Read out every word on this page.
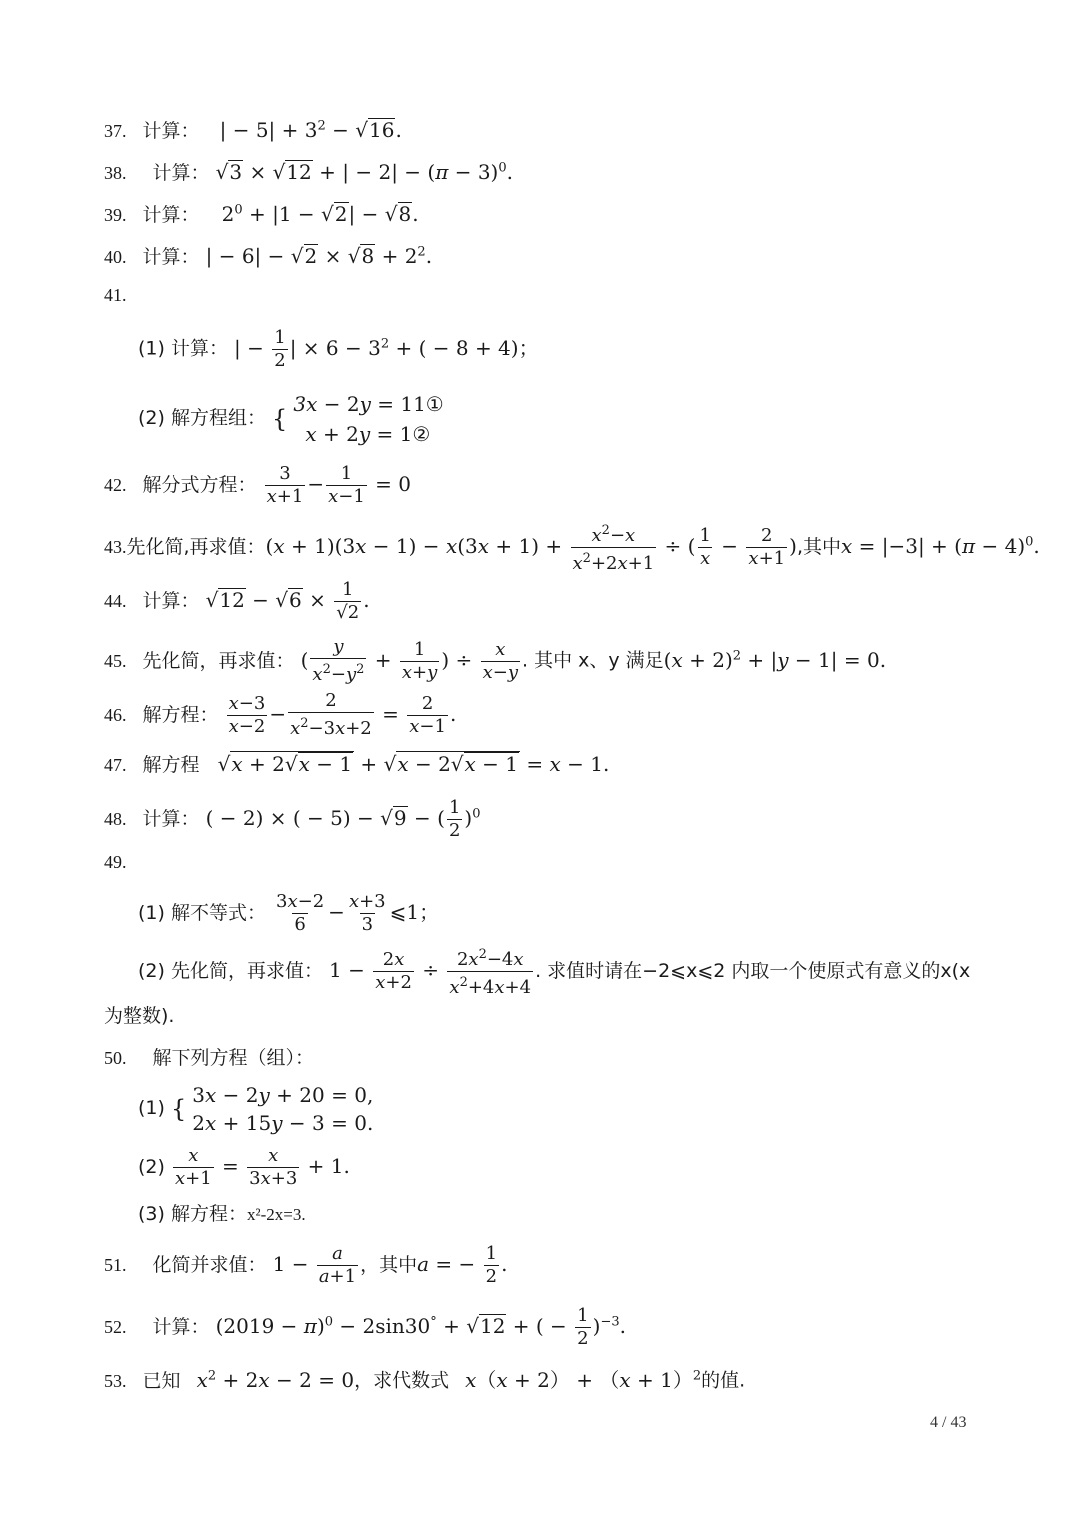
37. 计算： | − $5| + 3^2 - √16$.
38. 计算： √3 × √12 + | − $2| - (\pi - 3)^0$.
39. 计算： $2^0 + |1 - √2| - √8$.
40. 计算： | − $6| - √2 \times √8 + 2^2$.
41.
(1) 计算： | − $\frac{1}{2}$ | × $6 - 3^2$ + ( − 8 + 4)；
(2) 解方程组： {
3x − 2y = 11①
x + 2y = 1②
42. 解分式方程： $\frac{3}{x+1} - \frac{1}{x-1} = 0$
43.先化简,再求值：$(x + 1)(3x - 1) - x(3x + 1) + \frac{x^2-x}{x^2+2x+1}$ ÷ ( $\frac{1}{x} - \frac{2}{x+1}$ ),其中$x = |-3| + (\pi - 4)^0$.
44. 计算： $√12 - √6 \times \frac{1}{√2}$ .
45. 先化简，再求值： ( $\frac{y}{x^2-y^2} + \frac{1}{x+y}$ ) ÷ $\frac{x}{x-y}$ . 其中 x、y 满足$(x + 2)^2 + |y - 1| = 0$.
46. 解方程： $\frac{x-3}{x-2} - \frac{2}{x^2-3x+2} = \frac{2}{x-1}$ .
47. 解方程 √x + 2√x − 1 + √x − 2√x − 1 = x − 1.
48. 计算： ( − 2) × ( − 5) − √9 − ( $\frac{1}{2} )^0$
49.
(1) 解不等式： $\frac{3x-2}{6} - \frac{x+3}{3}$ ⩽1；
(2) 先化简，再求值： $1 - \frac{2x}{x+2} \div \frac{2x^2-4x}{x^2+4x+4}$ . 求值时请在−2⩽x⩽2 内取一个使原式有意义的x(x
为整数).
50. 解下列方程（组）：
(1) { 3x − 2y + 20 = 0,
2x + 15y − 3 = 0.
$(2) \frac{x}{x+1} = \frac{x}{3x+3} + 1$.
(3) 解方程：x²-2x=3.
51. 化简并求值： $1 - \frac{a}{a+1}$ ，其中a = − $\frac{1}{2}$ .
52. 计算： $(2019 - \pi)^0 - 2\sin 30^\circ + √12$ + ( − $\frac{1}{2} )^{-3}$.
53. 已知 $x^2 + 2x - 2 = 0$，求代数式 $x(x + 2) + (x + 1)^2$的值.
4 / 43
